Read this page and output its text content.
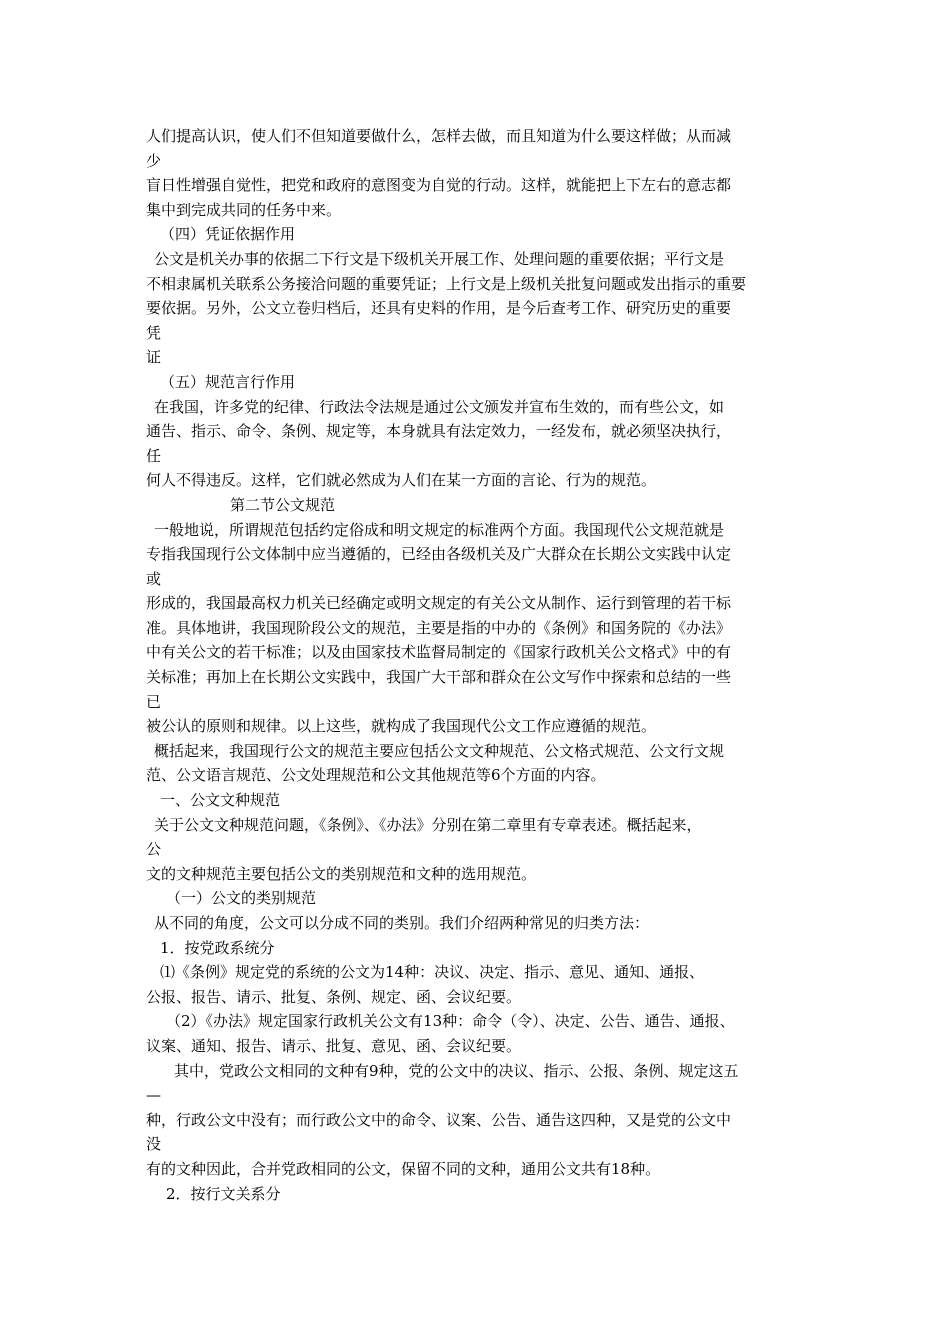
人们提高认识，使人们不但知道要做什么，怎样去做，而且知道为什么要这样做；从而减
少
盲日性增强自觉性，把党和政府的意图变为自觉的行动。这样，就能把上下左右的意志都
集中到完成共同的任务中来。
（四）凭证依据作用
公文是机关办事的依据二下行文是下级机关开展工作、处理问题的重要依据；平行文是
不相隶属机关联系公务接洽问题的重要凭证；上行文是上级机关批复问题或发出指示的重要
要依据。另外，公文立卷归档后，还具有史料的作用，是今后查考工作、研究历史的重要
凭
证
（五）规范言行作用
在我国，许多党的纪律、行政法令法规是通过公文颁发并宣布生效的，而有些公文，如
通告、指示、命令、条例、规定等，本身就具有法定效力，一经发布，就必须坚决执行，
任
何人不得违反。这样，它们就必然成为人们在某一方面的言论、行为的规范。
第二节公文规范
一般地说，所谓规范包括约定俗成和明文规定的标准两个方面。我国现代公文规范就是
专指我国现行公文体制中应当遵循的，已经由各级机关及广大群众在长期公文实践中认定
或
形成的，我国最高权力机关已经确定或明文规定的有关公文从制作、运行到管理的若干标
准。具体地讲，我国现阶段公文的规范，主要是指的中办的《条例》和国务院的《办法》
中有关公文的若干标准；以及由国家技术监督局制定的《国家行政机关公文格式》中的有
关标准；再加上在长期公文实践中，我国广大干部和群众在公文写作中探索和总结的一些
已
被公认的原则和规律。以上这些，就构成了我国现代公文工作应遵循的规范。
概括起来，我国现行公文的规范主要应包括公文文种规范、公文格式规范、公文行文规
范、公文语言规范、公文处理规范和公文其他规范等6个方面的内容。
一、公文文种规范
关于公文文种规范问题，《条例》、《办法》分别在第二章里有专章表述。概括起来，
公
文的文种规范主要包括公文的类别规范和文种的选用规范。
（一）公文的类别规范
从不同的角度，公文可以分成不同的类别。我们介绍两种常见的归类方法：
1．按党政系统分
⑴《条例》规定党的系统的公文为14种：决议、决定、指示、意见、通知、通报、
公报、报告、请示、批复、条例、规定、函、会议纪要。
（2）《办法》规定国家行政机关公文有13种：命令（令）、决定、公告、通告、通报、
议案、通知、报告、请示、批复、意见、函、会议纪要。
其中，党政公文相同的文种有9种，党的公文中的决议、指示、公报、条例、规定这五
—
种，行政公文中没有；而行政公文中的命令、议案、公告、通告这四种，又是党的公文中
没
有的文种因此，合并党政相同的公文，保留不同的文种，通用公文共有18种。
2．按行文关系分
